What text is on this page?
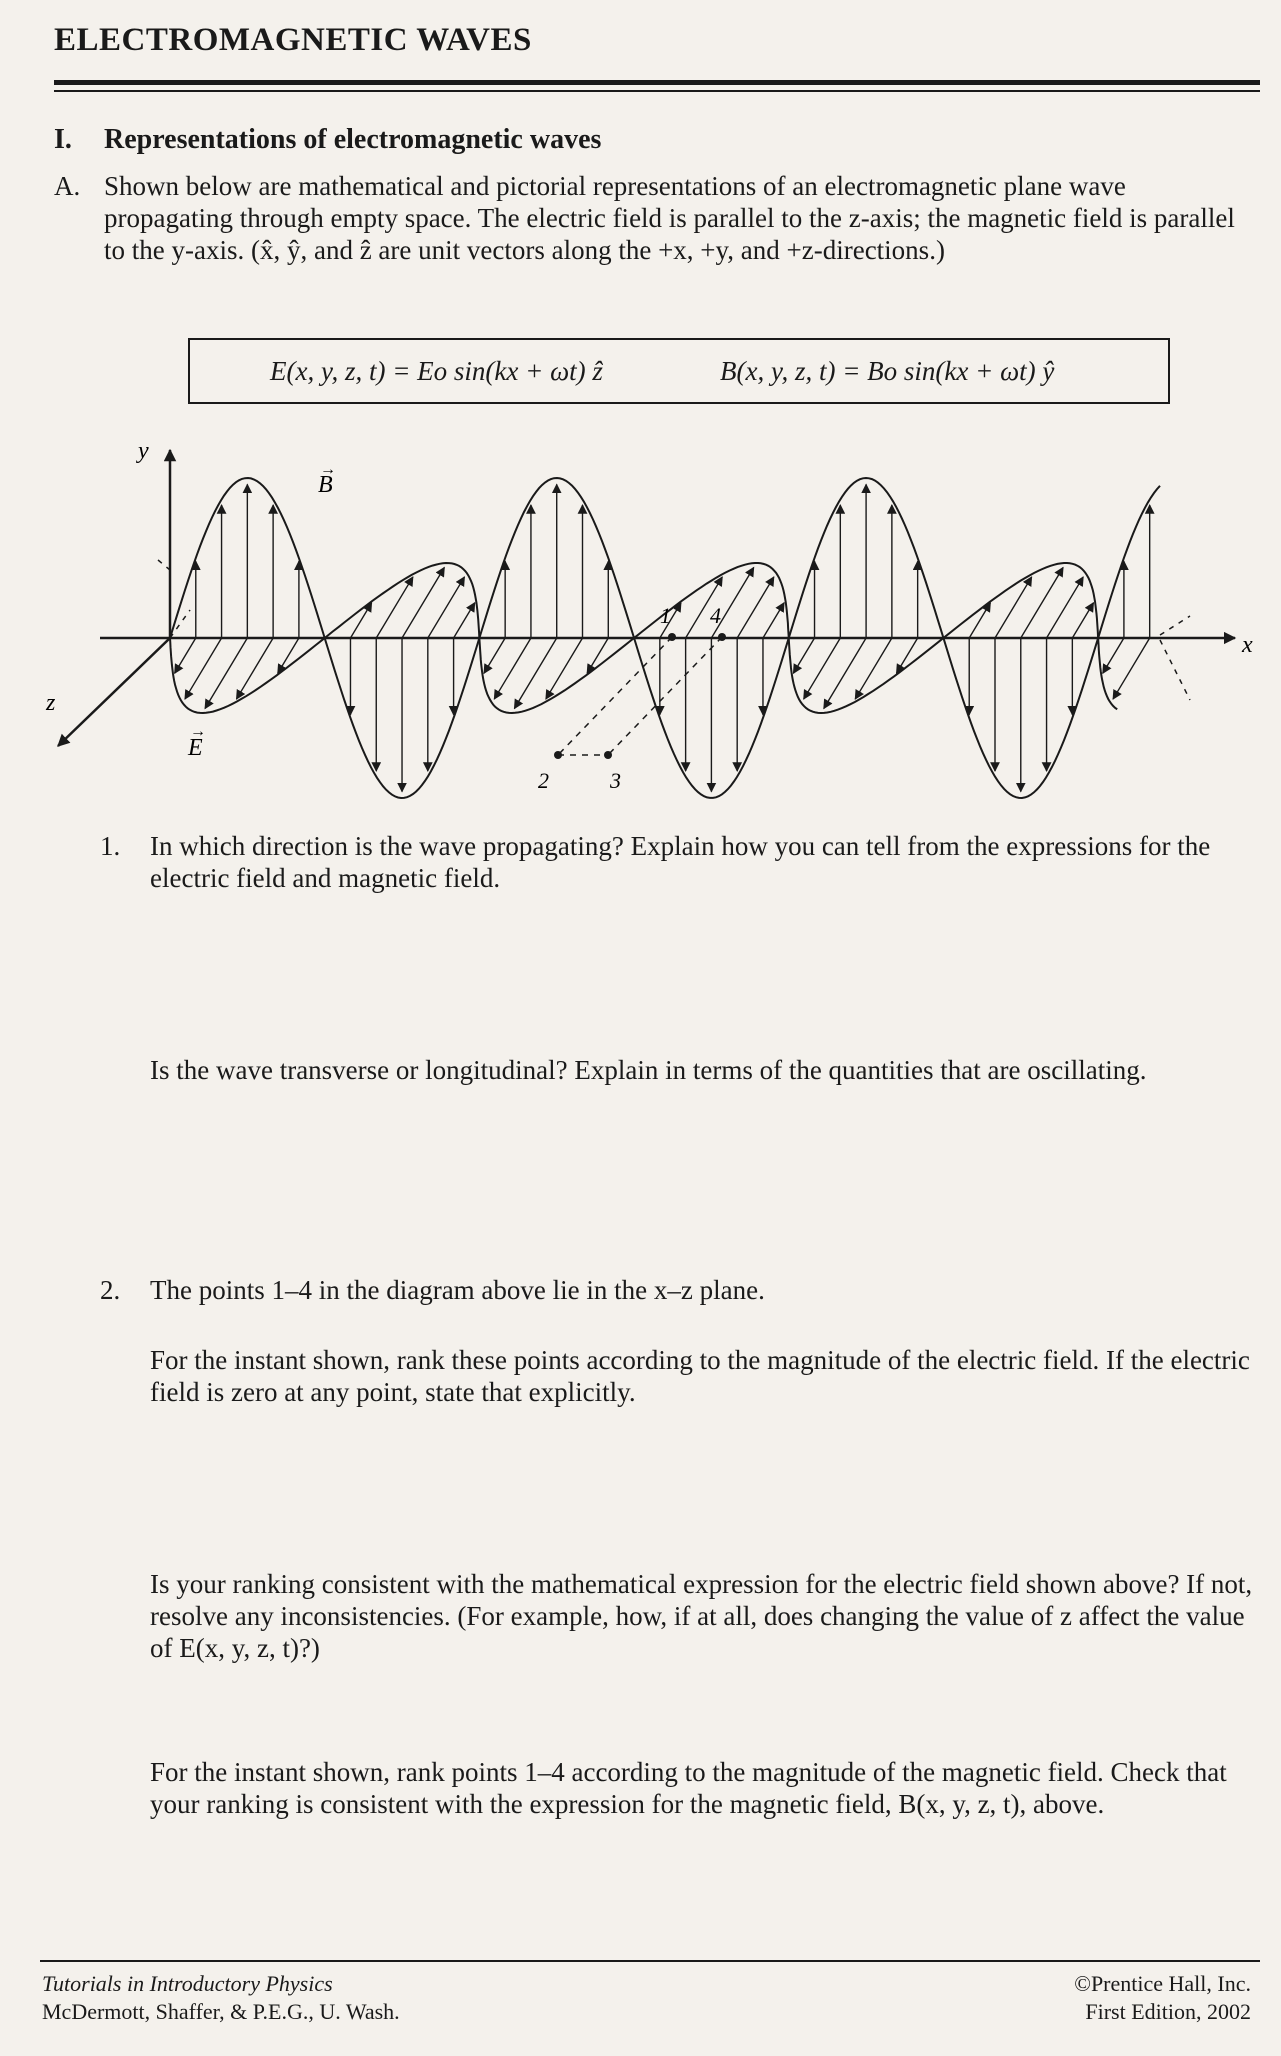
ELECTROMAGNETIC WAVES
I. Representations of electromagnetic waves
A. Shown below are mathematical and pictorial representations of an electromagnetic plane wave propagating through empty space. The electric field is parallel to the z-axis; the magnetic field is parallel to the y-axis. (x̂, ŷ, and ẑ are unit vectors along the +x, +y, and +z-directions.)
E(x, y, z, t) = Eo sin(kx + ωt) ẑ	B(x, y, z, t) = Bo sin(kx + ωt) ŷ
y
x
z
B
→
E
→
1 4
2	3
1. In which direction is the wave propagating? Explain how you can tell from the expressions for the electric field and magnetic field.
Is the wave transverse or longitudinal? Explain in terms of the quantities that are oscillating.
2. The points 1–4 in the diagram above lie in the x–z plane.
For the instant shown, rank these points according to the magnitude of the electric field. If the electric field is zero at any point, state that explicitly.
Is your ranking consistent with the mathematical expression for the electric field shown above? If not, resolve any inconsistencies. (For example, how, if at all, does changing the value of z affect the value of E(x, y, z, t)?)
For the instant shown, rank points 1–4 according to the magnitude of the magnetic field. Check that your ranking is consistent with the expression for the magnetic field, B(x, y, z, t), above.
Tutorials in Introductory Physics
McDermott, Shaffer, & P.E.G., U. Wash.
©Prentice Hall, Inc.
First Edition, 2002
